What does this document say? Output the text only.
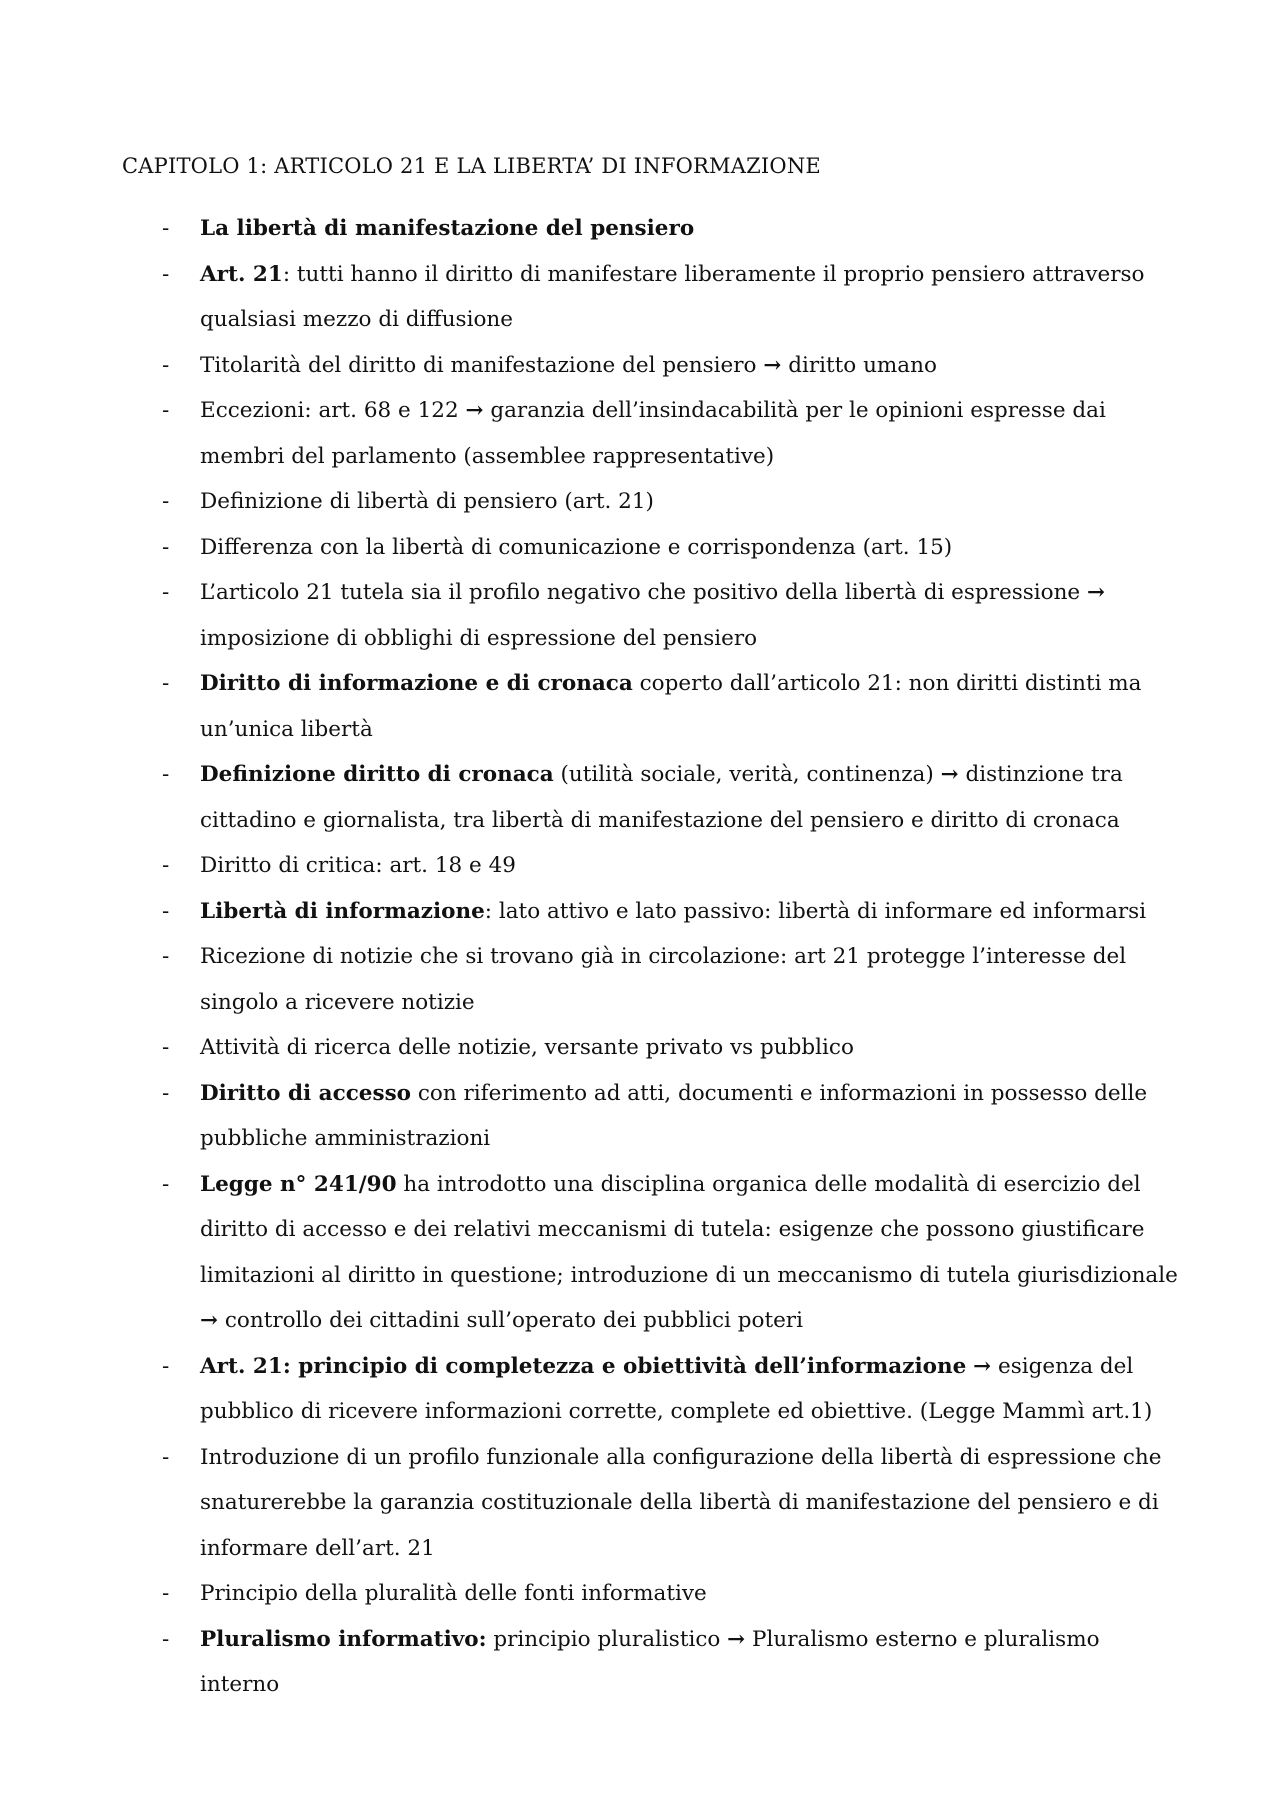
CAPITOLO 1: ARTICOLO 21 E LA LIBERTA’ DI INFORMAZIONE
- La libertà di manifestazione del pensiero
- Art. 21: tutti hanno il diritto di manifestare liberamente il proprio pensiero attraverso qualsiasi mezzo di diffusione
- Titolarità del diritto di manifestazione del pensiero → diritto umano
- Eccezioni: art. 68 e 122 → garanzia dell’insindacabilità per le opinioni espresse dai membri del parlamento (assemblee rappresentative)
- Definizione di libertà di pensiero (art. 21)
- Differenza con la libertà di comunicazione e corrispondenza (art. 15)
- L’articolo 21 tutela sia il profilo negativo che positivo della libertà di espressione → imposizione di obblighi di espressione del pensiero
- Diritto di informazione e di cronaca coperto dall’articolo 21: non diritti distinti ma un’unica libertà
- Definizione diritto di cronaca (utilità sociale, verità, continenza) → distinzione tra cittadino e giornalista, tra libertà di manifestazione del pensiero e diritto di cronaca
- Diritto di critica: art. 18 e 49
- Libertà di informazione: lato attivo e lato passivo: libertà di informare ed informarsi
- Ricezione di notizie che si trovano già in circolazione: art 21 protegge l’interesse del singolo a ricevere notizie
- Attività di ricerca delle notizie, versante privato vs pubblico
- Diritto di accesso con riferimento ad atti, documenti e informazioni in possesso delle pubbliche amministrazioni
- Legge n° 241/90 ha introdotto una disciplina organica delle modalità di esercizio del diritto di accesso e dei relativi meccanismi di tutela: esigenze che possono giustificare limitazioni al diritto in questione; introduzione di un meccanismo di tutela giurisdizionale → controllo dei cittadini sull’operato dei pubblici poteri
- Art. 21: principio di completezza e obiettività dell’informazione → esigenza del pubblico di ricevere informazioni corrette, complete ed obiettive. (Legge Mammì art.1)
- Introduzione di un profilo funzionale alla configurazione della libertà di espressione che snaturerebbe la garanzia costituzionale della libertà di manifestazione del pensiero e di informare dell’art. 21
- Principio della pluralità delle fonti informative
- Pluralismo informativo: principio pluralistico → Pluralismo esterno e pluralismo interno
